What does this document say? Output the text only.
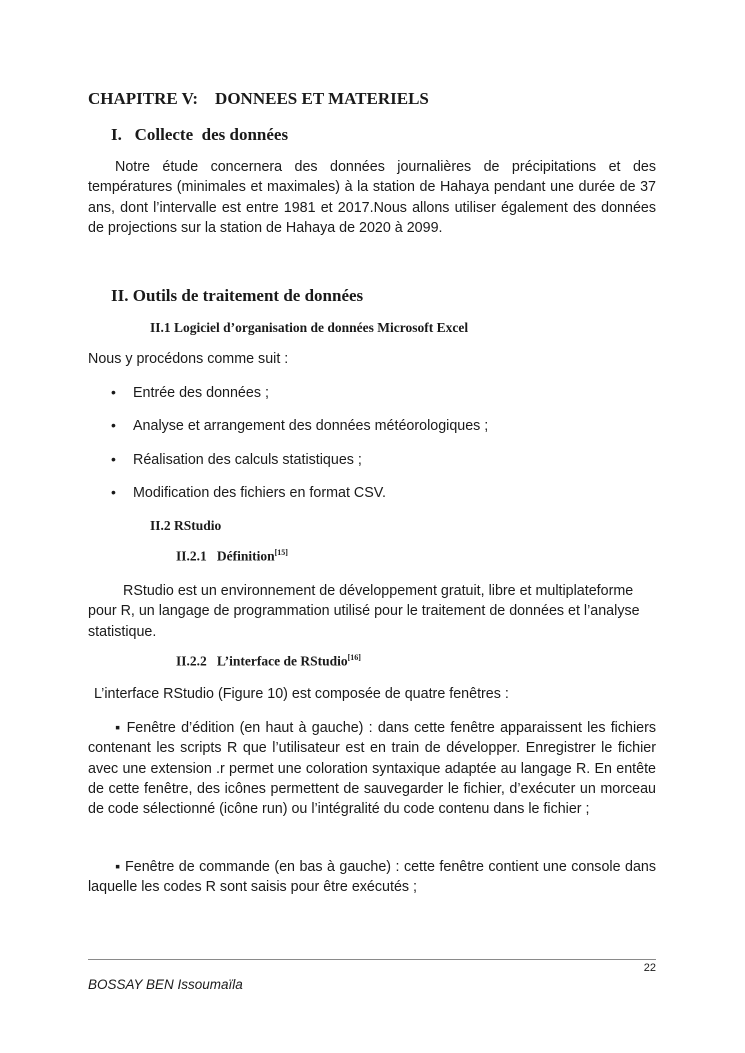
CHAPITRE V:    DONNEES ET MATERIELS
I.   Collecte  des données

Notre étude concernera des données journalières de précipitations et des températures (minimales et maximales) à la station de Hahaya pendant une durée de 37 ans, dont l’intervalle est entre 1981 et 2017.Nous allons utiliser également des données de projections sur la station de Hahaya de 2020 à 2099.

II. Outils de traitement de données
II.1 Logiciel d’organisation de données Microsoft Excel
Nous y procédons comme suit :
• Entrée des données ;
• Analyse et arrangement des données météorologiques ;
• Réalisation des calculs statistiques ;
• Modification des fichiers en format CSV.
II.2 RStudio
II.2.1   Définition[15]

RStudio est un environnement de développement gratuit, libre et multiplateforme pour R, un langage de programmation utilisé pour le traitement de données et l’analyse statistique.

II.2.2   L’interface de RStudio[16]
L’interface RStudio (Figure 10) est composée de quatre fenêtres :

▪ Fenêtre d’édition (en haut à gauche) : dans cette fenêtre apparaissent les fichiers contenant les scripts R que l’utilisateur est en train de développer. Enregistrer le fichier avec une extension .r permet une coloration syntaxique adaptée au langage R. En entête de cette fenêtre, des icônes permettent de sauvegarder le fichier, d’exécuter un morceau de code sélectionné (icône run) ou l’intégralité du code contenu dans le fichier ;

▪ Fenêtre de commande (en bas à gauche) : cette fenêtre contient une console dans laquelle les codes R sont saisis pour être exécutés ;

22
BOSSAY BEN Issoumaïla
